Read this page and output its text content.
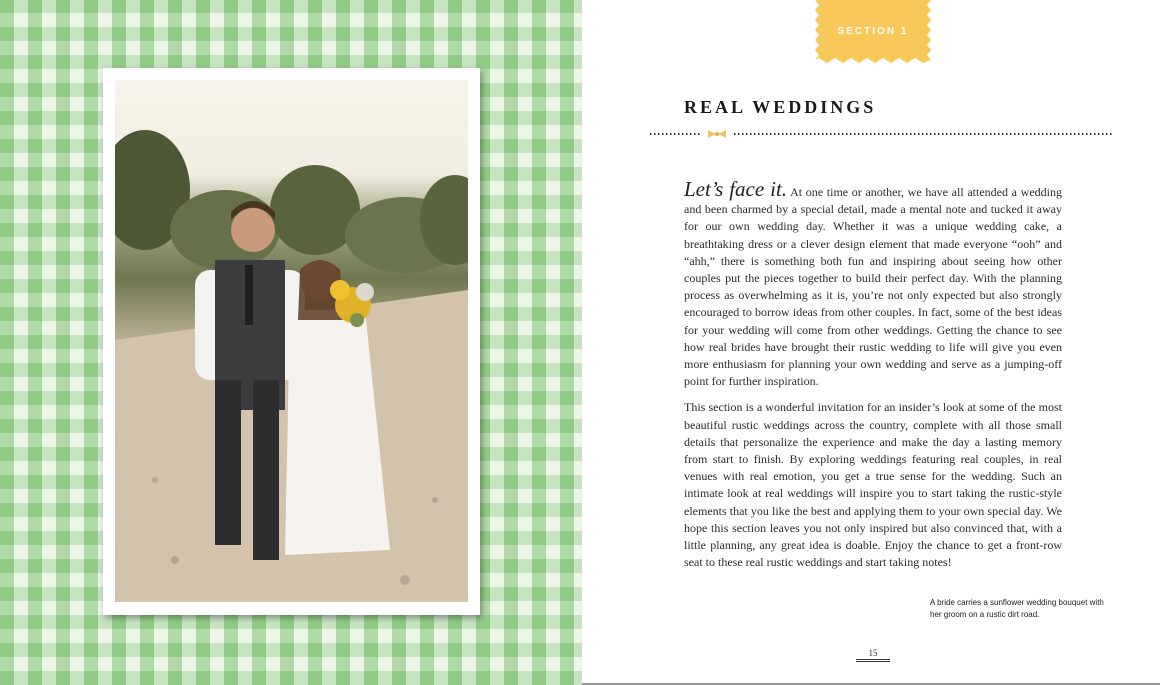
SECTION 1
REAL WEDDINGS

Let’s face it. At one time or another, we have all attended a wedding and been charmed by a special detail, made a mental note and tucked it away for our own wedding day. Whether it was a unique wedding cake, a breathtaking dress or a clever design element that made everyone “ooh” and “ahh,” there is something both fun and inspiring about seeing how other couples put the pieces together to build their perfect day. With the planning process as overwhelming as it is, you’re not only expected but also strongly encouraged to borrow ideas from other couples. In fact, some of the best ideas for your wedding will come from other weddings. Getting the chance to see how real brides have brought their rustic wedding to life will give you even more enthusiasm for planning your own wedding and serve as a jumping-off point for further inspiration.

This section is a wonderful invitation for an insider’s look at some of the most beautiful rustic weddings across the country, complete with all those small details that personalize the experience and make the day a lasting memory from start to finish. By exploring weddings featuring real couples, in real venues with real emotion, you get a true sense for the wedding. Such an intimate look at real weddings will inspire you to start taking the rustic-style elements that you like the best and applying them to your own special day. We hope this section leaves you not only inspired but also convinced that, with a little planning, any great idea is doable. Enjoy the chance to get a front-row seat to these real rustic weddings and start taking notes!

A bride carries a sunflower wedding bouquet with her groom on a rustic dirt road.
15
